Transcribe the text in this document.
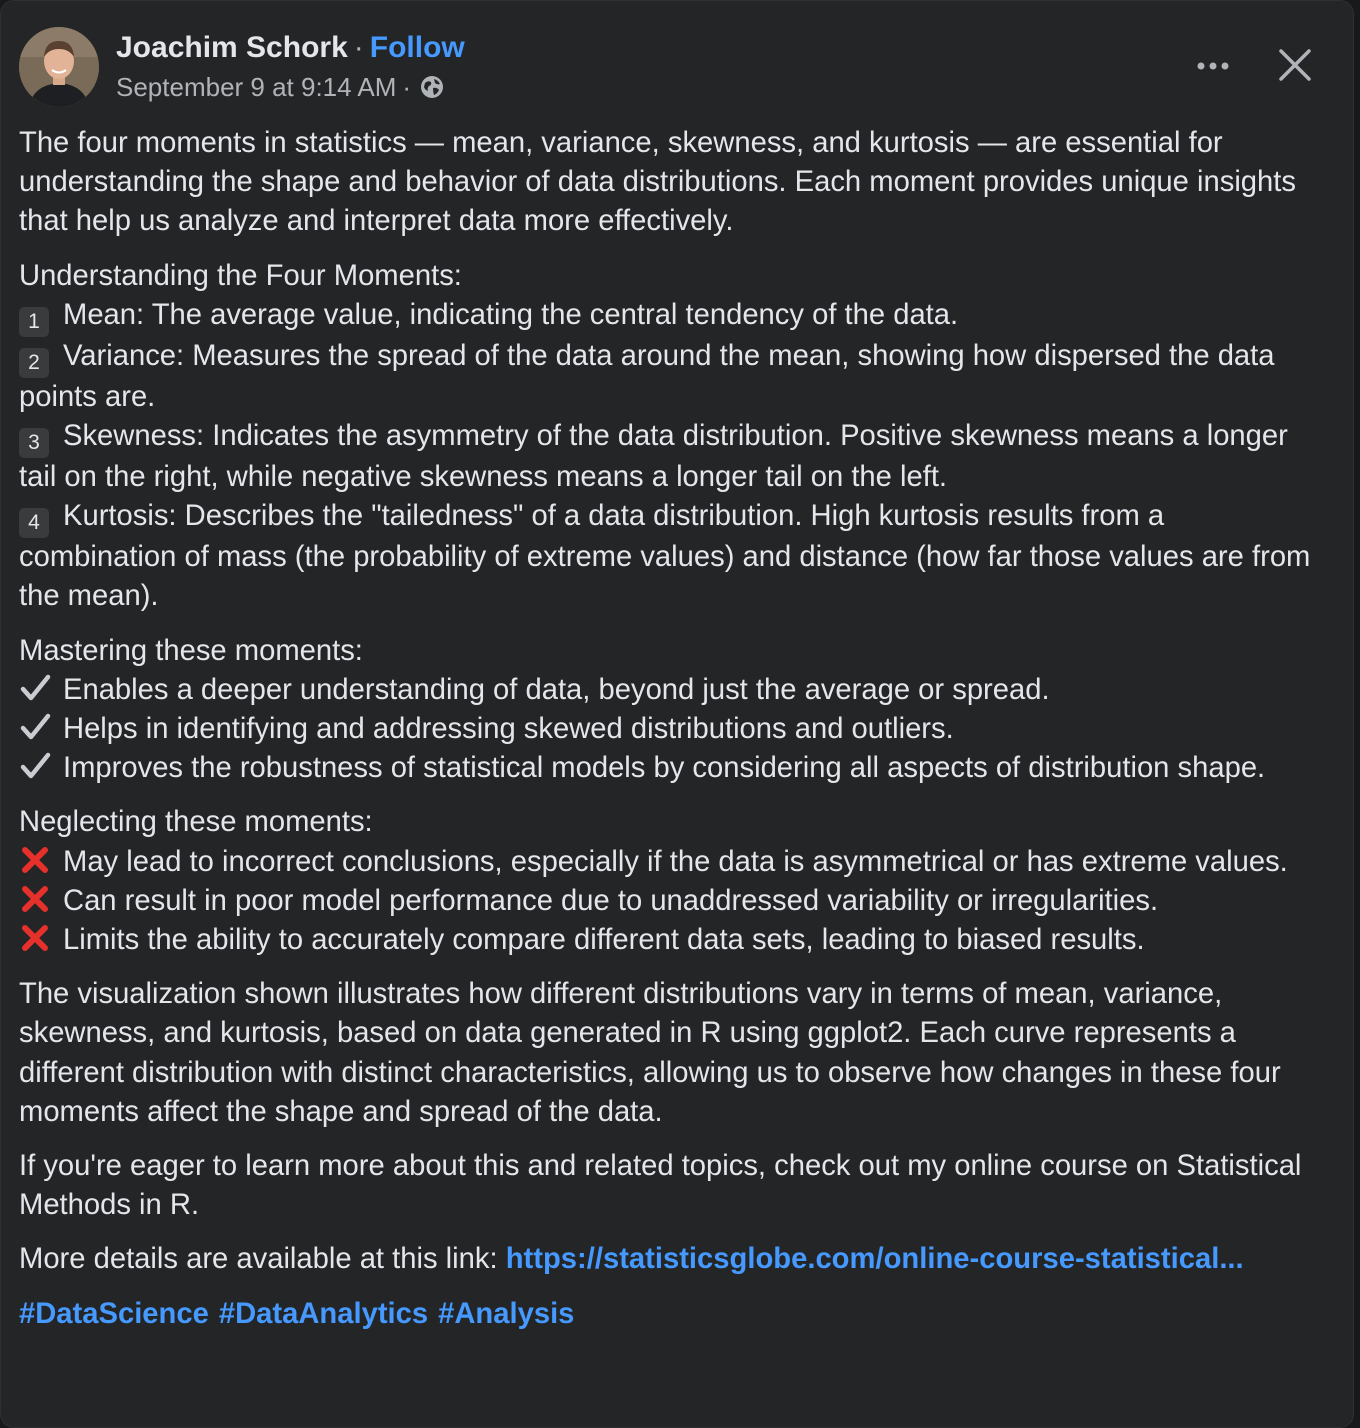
Joachim Schork · Follow
September 9 at 9:14 AM ·

The four moments in statistics — mean, variance, skewness, and kurtosis — are essential for understanding the shape and behavior of data distributions. Each moment provides unique insights that help us analyze and interpret data more effectively.

Understanding the Four Moments:
1 Mean: The average value, indicating the central tendency of the data.
2 Variance: Measures the spread of the data around the mean, showing how dispersed the data points are.
3 Skewness: Indicates the asymmetry of the data distribution. Positive skewness means a longer tail on the right, while negative skewness means a longer tail on the left.
4 Kurtosis: Describes the "tailedness" of a data distribution. High kurtosis results from a combination of mass (the probability of extreme values) and distance (how far those values are from the mean).
Mastering these moments:
Enables a deeper understanding of data, beyond just the average or spread.
Helps in identifying and addressing skewed distributions and outliers.
Improves the robustness of statistical models by considering all aspects of distribution shape.
Neglecting these moments:
May lead to incorrect conclusions, especially if the data is asymmetrical or has extreme values.
Can result in poor model performance due to unaddressed variability or irregularities.
Limits the ability to accurately compare different data sets, leading to biased results.

The visualization shown illustrates how different distributions vary in terms of mean, variance, skewness, and kurtosis, based on data generated in R using ggplot2. Each curve represents a different distribution with distinct characteristics, allowing us to observe how changes in these four moments affect the shape and spread of the data.

If you're eager to learn more about this and related topics, check out my online course on Statistical Methods in R.

More details are available at this link: https://statisticsglobe.com/online-course-statistical...

#DataScience #DataAnalytics #Analysis
